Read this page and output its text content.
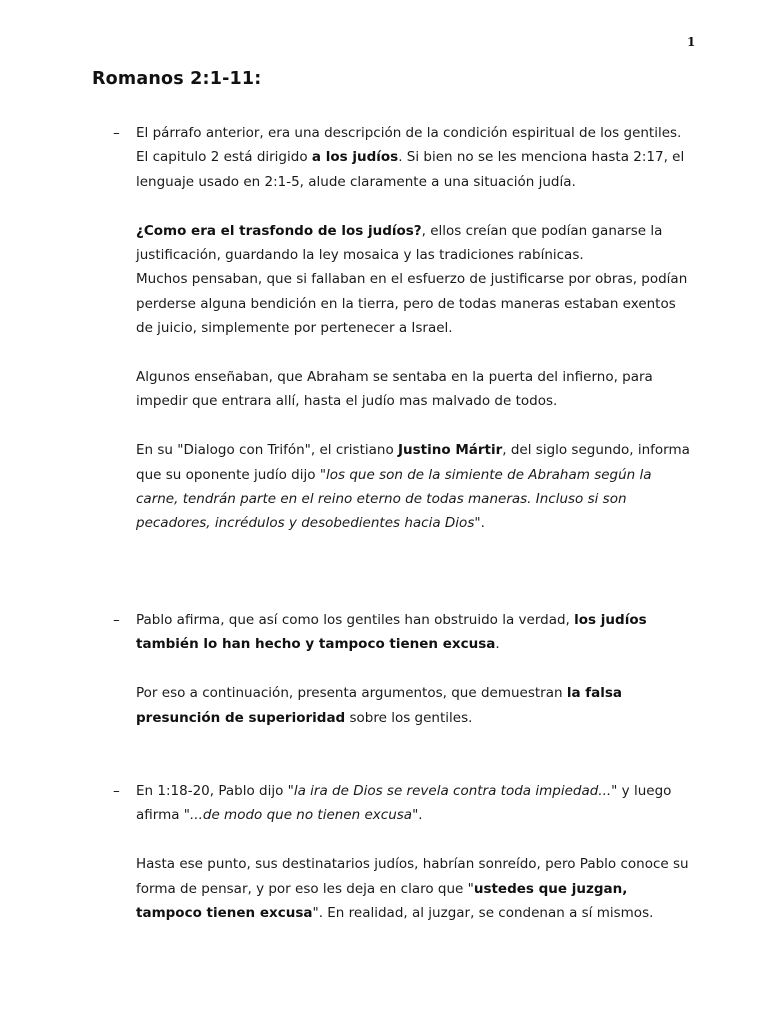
1
Romanos 2:1-11:
– El párrafo anterior, era una descripción de la condición espiritual de los gentiles. El capitulo 2 está dirigido a los judíos. Si bien no se les menciona hasta 2:17, el lenguaje usado en 2:1-5, alude claramente a una situación judía.

¿Como era el trasfondo de los judíos?, ellos creían que podían ganarse la justificación, guardando la ley mosaica y las tradiciones rabínicas.

Muchos pensaban, que si fallaban en el esfuerzo de justificarse por obras, podían perderse alguna bendición en la tierra, pero de todas maneras estaban exentos de juicio, simplemente por pertenecer a Israel.

Algunos enseñaban, que Abraham se sentaba en la puerta del infierno, para impedir que entrara allí, hasta el judío mas malvado de todos.

En su "Dialogo con Trifón", el cristiano Justino Mártir, del siglo segundo, informa que su oponente judío dijo "los que son de la simiente de Abraham según la carne, tendrán parte en el reino eterno de todas maneras. Incluso si son pecadores, incrédulos y desobedientes hacia Dios".

– Pablo afirma, que así como los gentiles han obstruido la verdad, los judíos también lo han hecho y tampoco tienen excusa.

Por eso a continuación, presenta argumentos, que demuestran la falsa presunción de superioridad sobre los gentiles.

– En 1:18-20, Pablo dijo "la ira de Dios se revela contra toda impiedad..." y luego afirma "...de modo que no tienen excusa".

Hasta ese punto, sus destinatarios judíos, habrían sonreído, pero Pablo conoce su forma de pensar, y por eso les deja en claro que "ustedes que juzgan, tampoco tienen excusa". En realidad, al juzgar, se condenan a sí mismos.
